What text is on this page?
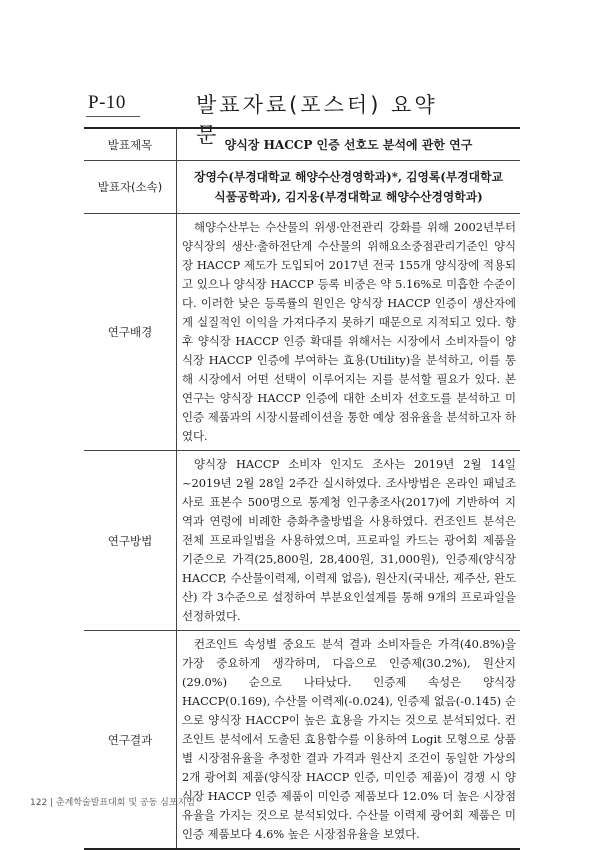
P-10	발표자료(포스터) 요약문
발표제목	양식장 HACCP 인증 선호도 분석에 관한 연구
발표자(소속)	장영수(부경대학교 해양수산경영학과)*, 김영록(부경대학교
식품공학과), 김지웅(부경대학교 해양수산경영학과)

연구배경	해양수산부는 수산물의 위생·안전관리 강화를 위해 2002년부터 양식장의 생산·출하전단계 수산물의 위해요소중점관리기준인 양식장 HACCP 제도가 도입되어 2017년 전국 155개 양식장에 적용되고 있으나 양식장 HACCP 등록 비중은 약 5.16%로 미흡한 수준이다. 이러한 낮은 등록률의 원인은 양식장 HACCP 인증이 생산자에게 실질적인 이익을 가져다주지 못하기 때문으로 지적되고 있다. 향후 양식장 HACCP 인증 확대를 위해서는 시장에서 소비자들이 양식장 HACCP 인증에 부여하는 효용(Utility)을 분석하고, 이를 통해 시장에서 어떤 선택이 이루어지는 지를 분석할 필요가 있다. 본 연구는 양식장 HACCP 인증에 대한 소비자 선호도를 분석하고 미인증 제품과의 시장시뮬레이션을 통한 예상 점유율을 분석하고자 하였다.
연구방법	양식장 HACCP 소비자 인지도 조사는 2019년 2월 14일~2019년 2월 28일 2주간 실시하였다. 조사방법은 온라인 패널조사로 표본수 500명으로 통계청 인구총조사(2017)에 기반하여 지역과 연령에 비례한 층화추출방법을 사용하였다. 컨조인트 분석은 전체 프로파일법을 사용하였으며, 프로파일 카드는 광어회 제품을 기준으로 가격(25,800원, 28,400원, 31,000원), 인증제(양식장 HACCP, 수산물이력제, 이력제 없음), 원산지(국내산, 제주산, 완도산) 각 3수준으로 설정하여 부분요인설계를 통해 9개의 프로파일을 선정하였다.
연구결과	컨조인트 속성별 중요도 분석 결과 소비자들은 가격(40.8%)을 가장 중요하게 생각하며, 다음으로 인증제(30.2%), 원산지(29.0%) 순으로 나타났다. 인증제 속성은 양식장 HACCP(0.169), 수산물 이력제(-0.024), 인증제 없음(-0.145) 순으로 양식장 HACCP이 높은 효용을 가지는 것으로 분석되었다. 컨조인트 분석에서 도출된 효용함수를 이용하여 Logit 모형으로 상품별 시장점유율을 추정한 결과 가격과 원산지 조건이 동일한 가상의 2개 광어회 제품(양식장 HACCP 인증, 미인증 제품)이 경쟁 시 양식장 HACCP 인증 제품이 미인증 제품보다 12.0% 더 높은 시장점유율을 가지는 것으로 분석되었다. 수산물 이력제 광어회 제품은 미인증 제품보다 4.6% 높은 시장점유율을 보였다.
122 | 춘계학술발표대회 및 공동 심포지엄
